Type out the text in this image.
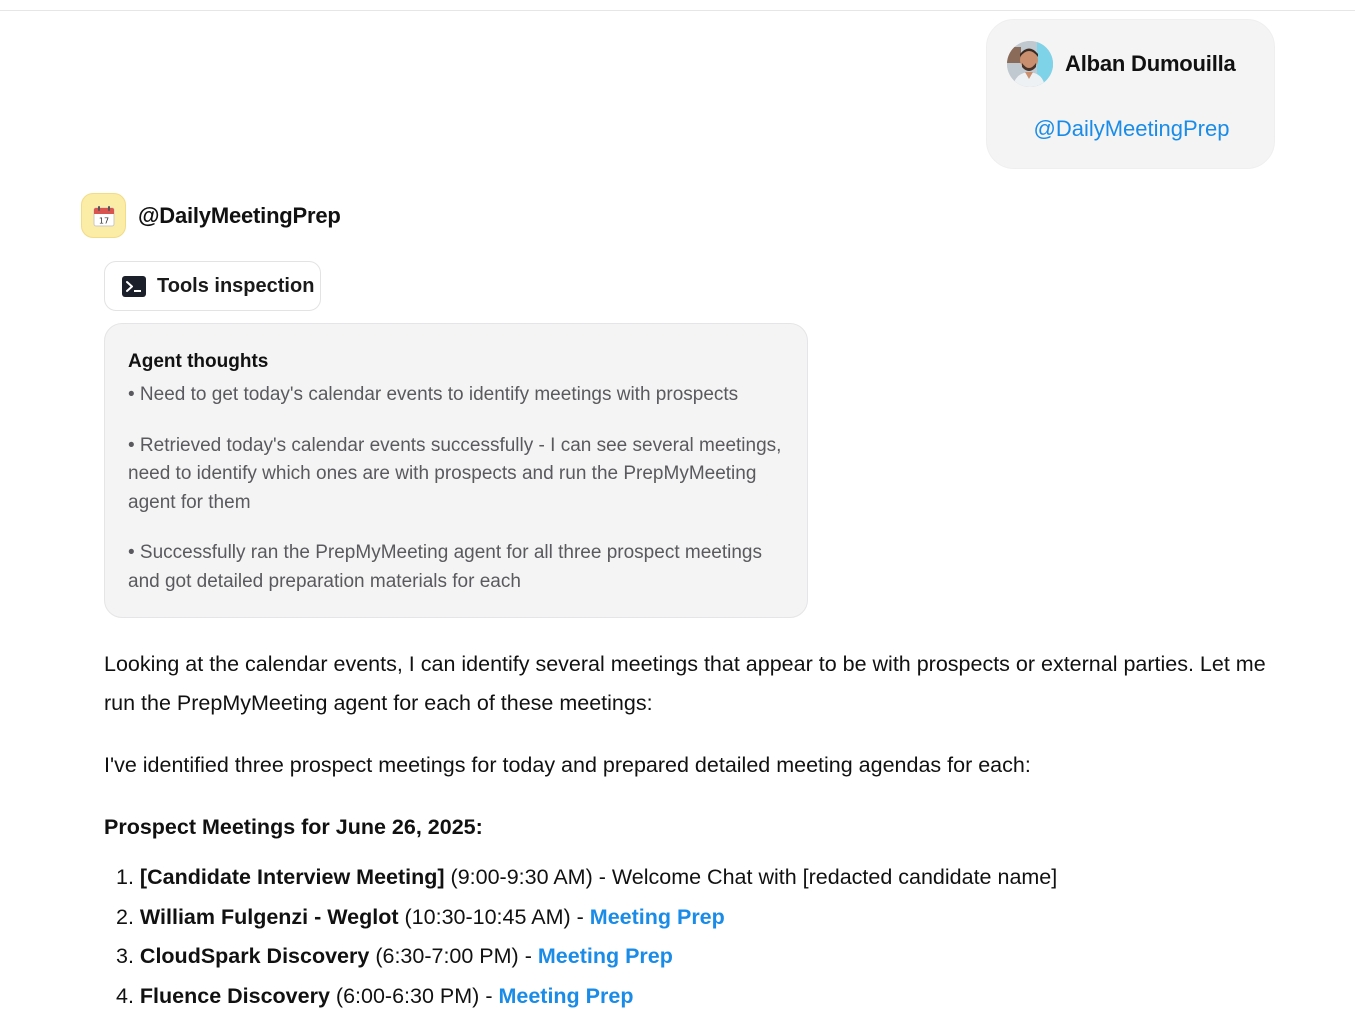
Alban Dumouilla
@DailyMeetingPrep
17 @DailyMeetingPrep
Tools inspection
Agent thoughts
• Need to get today's calendar events to identify meetings with prospects
• Retrieved today's calendar events successfully - I can see several meetings, need to identify which ones are with prospects and run the PrepMyMeeting agent for them
• Successfully ran the PrepMyMeeting agent for all three prospect meetings and got detailed preparation materials for each

Looking at the calendar events, I can identify several meetings that appear to be with prospects or external parties. Let me run the PrepMyMeeting agent for each of these meetings:

I've identified three prospect meetings for today and prepared detailed meeting agendas for each:

Prospect Meetings for June 26, 2025:

1. [Candidate Interview Meeting] (9:00-9:30 AM) - Welcome Chat with [redacted candidate name]
2. William Fulgenzi - Weglot (10:30-10:45 AM) - Meeting Prep
3. CloudSpark Discovery (6:30-7:00 PM) - Meeting Prep
4. Fluence Discovery (6:00-6:30 PM) - Meeting Prep
